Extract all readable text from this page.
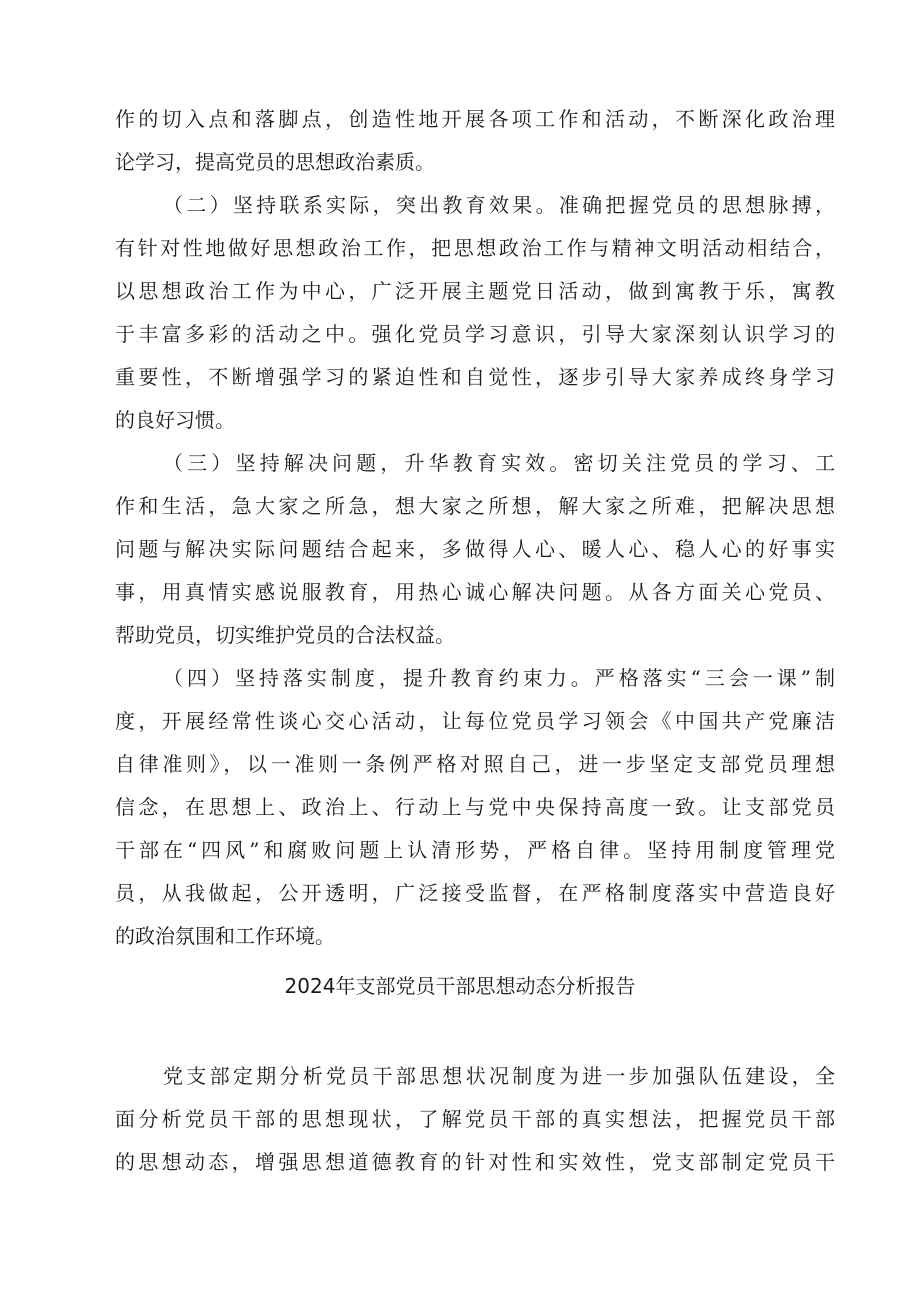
作的切入点和落脚点，创造性地开展各项工作和活动，不断深化政治理
论学习，提高党员的思想政治素质。
（二）坚持联系实际，突出教育效果。准确把握党员的思想脉搏，
有针对性地做好思想政治工作，把思想政治工作与精神文明活动相结合，
以思想政治工作为中心，广泛开展主题党日活动，做到寓教于乐，寓教
于丰富多彩的活动之中。强化党员学习意识，引导大家深刻认识学习的
重要性，不断增强学习的紧迫性和自觉性，逐步引导大家养成终身学习
的良好习惯。
（三）坚持解决问题，升华教育实效。密切关注党员的学习、工
作和生活，急大家之所急，想大家之所想，解大家之所难，把解决思想
问题与解决实际问题结合起来，多做得人心、暖人心、稳人心的好事实
事，用真情实感说服教育，用热心诚心解决问题。从各方面关心党员、
帮助党员，切实维护党员的合法权益。
（四）坚持落实制度，提升教育约束力。严格落实“三会一课”制
度，开展经常性谈心交心活动，让每位党员学习领会《中国共产党廉洁
自律准则》，以一准则一条例严格对照自己，进一步坚定支部党员理想
信念，在思想上、政治上、行动上与党中央保持高度一致。让支部党员
干部在“四风”和腐败问题上认清形势，严格自律。坚持用制度管理党
员，从我做起，公开透明，广泛接受监督，在严格制度落实中营造良好
的政治氛围和工作环境。
2024年支部党员干部思想动态分析报告
党支部定期分析党员干部思想状况制度为进一步加强队伍建设，全
面分析党员干部的思想现状，了解党员干部的真实想法，把握党员干部
的思想动态，增强思想道德教育的针对性和实效性，党支部制定党员干
